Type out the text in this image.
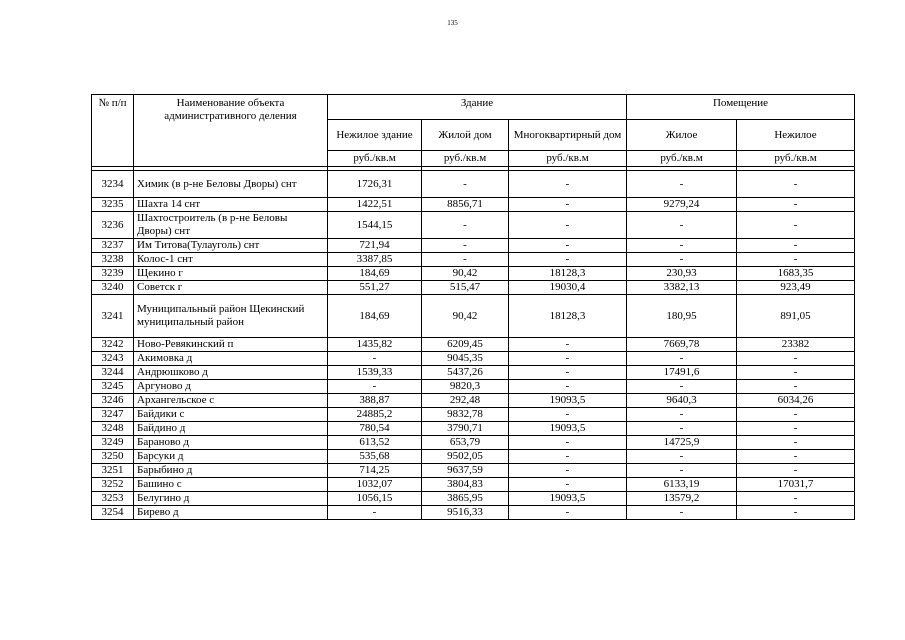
135
№ п/п	Наименование объекта административного деления	Здание			Помещение	
		Нежилое здание	Жилой дом	Многоквартирный дом	Жилое	Нежилое
		руб./кв.м	руб./кв.м	руб./кв.м	руб./кв.м	руб./кв.м

3234	Химик (в р-не Беловы Дворы) снт	1726,31	-	-	-	-
3235	Шахта 14 снт	1422,51	8856,71	-	9279,24	-
3236	Шахтостроитель (в р-не Беловы Дворы) снт	1544,15	-	-	-	-
3237	Им Титова(Тулауголь) снт	721,94	-	-	-	-
3238	Колос-1 снт	3387,85	-	-	-	-
3239	Щекино г	184,69	90,42	18128,3	230,93	1683,35
3240	Советск г	551,27	515,47	19030,4	3382,13	923,49
3241	Муниципальный район Щекинский муниципальный район	184,69	90,42	18128,3	180,95	891,05
3242	Ново-Ревякинский п	1435,82	6209,45	-	7669,78	23382
3243	Акимовка д	-	9045,35	-	-	-
3244	Андрюшково д	1539,33	5437,26	-	17491,6	-
3245	Аргуново д	-	9820,3	-	-	-
3246	Архангельское с	388,87	292,48	19093,5	9640,3	6034,26
3247	Байдики с	24885,2	9832,78	-	-	-
3248	Байдино д	780,54	3790,71	19093,5	-	-
3249	Бараново д	613,52	653,79	-	14725,9	-
3250	Барсуки д	535,68	9502,05	-	-	-
3251	Барыбино д	714,25	9637,59	-	-	-
3252	Башино с	1032,07	3804,83	-	6133,19	17031,7
3253	Белугино д	1056,15	3865,95	19093,5	13579,2	-
3254	Бирево д	-	9516,33	-	-	-
